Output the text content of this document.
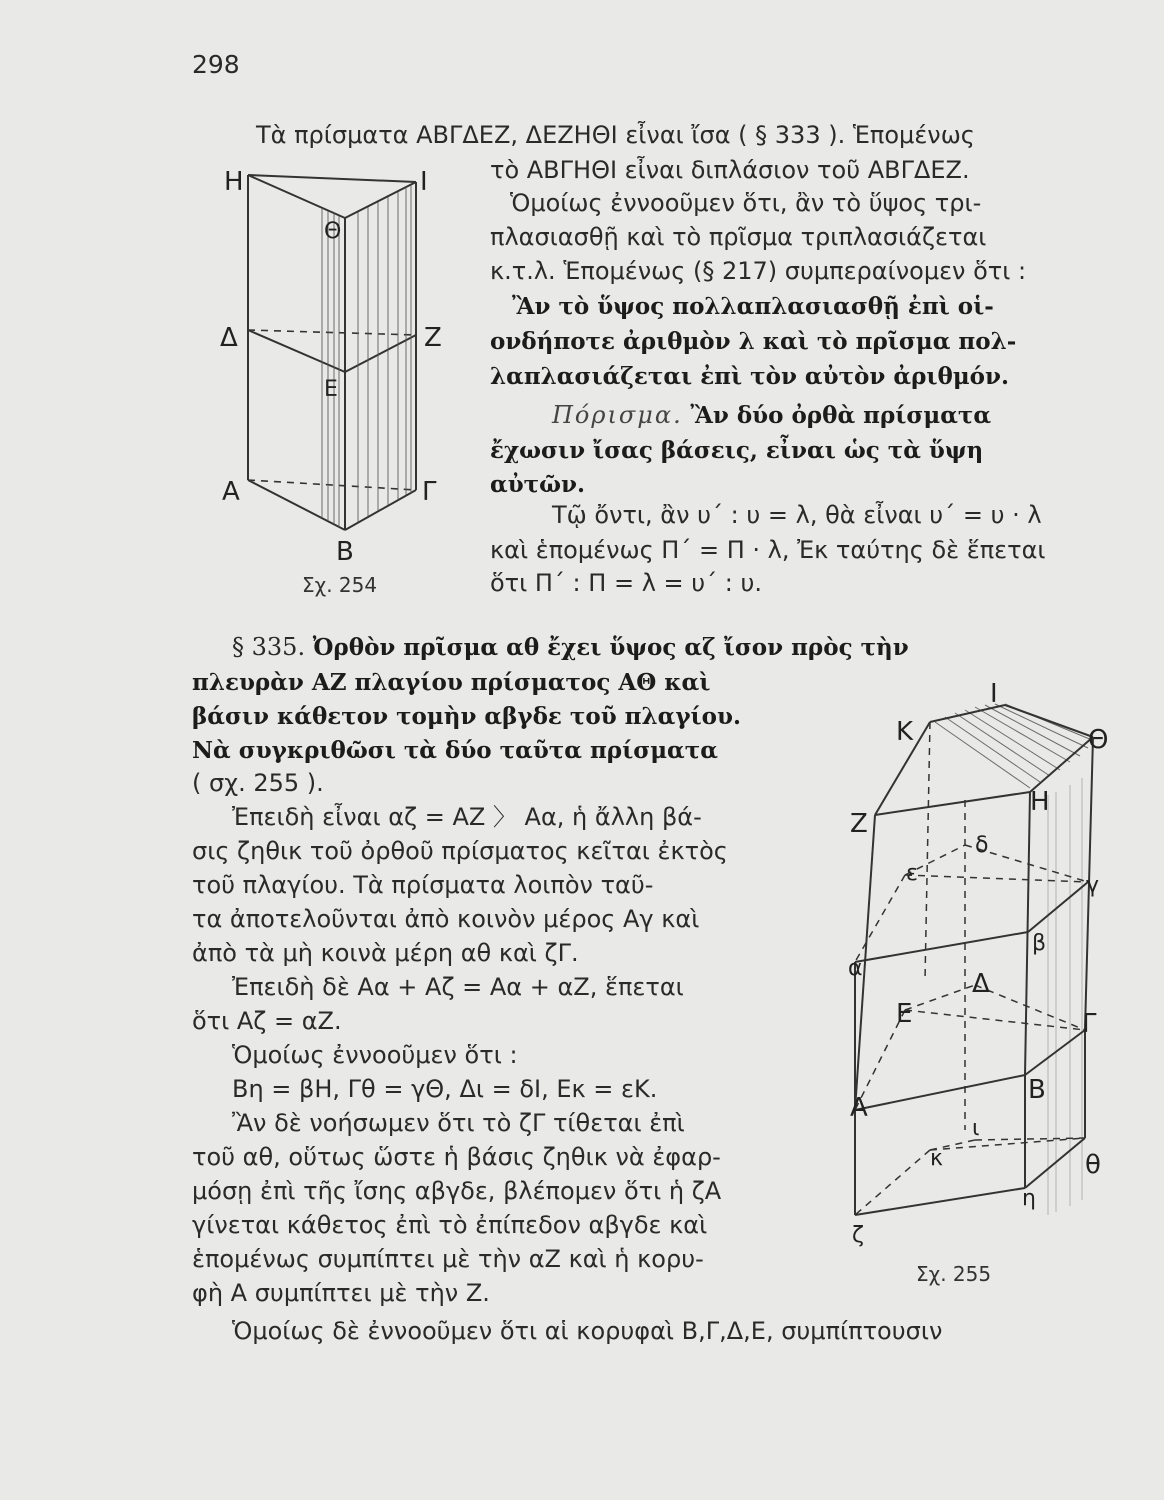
298
Τὰ πρίσματα ΑΒΓΔΕΖ, ΔΕΖΗΘΙ εἶναι ἴσα ( § 333 ). Ἑπομένως
τὸ ΑΒΓΗΘΙ εἶναι διπλάσιον τοῦ ΑΒΓΔΕΖ.
Ὁμοίως ἐννοοῦμεν ὅτι, ἂν τὸ ὕψος τρι-
πλασιασθῇ καὶ τὸ πρῖσμα τριπλασιάζεται
κ.τ.λ. Ἑπομένως (§ 217) συμπεραίνομεν ὅτι :
Ἂν τὸ ὕψος πολλαπλασιασθῇ ἐπὶ οἱ-
ονδήποτε ἀριθμὸν λ καὶ τὸ πρῖσμα πολ-
λαπλασιάζεται ἐπὶ τὸν αὐτὸν ἀριθμόν.
Πόρισμα. Ἂν δύο ὀρθὰ πρίσματα
ἔχωσιν ἴσας βάσεις, εἶναι ὡς τὰ ὕψη
αὐτῶν.
Τῷ ὄντι, ἂν υ΄ : υ = λ, θὰ εἶναι υ΄ = υ · λ
καὶ ἑπομένως Π΄ = Π · λ, Ἐκ ταύτης δὲ ἕπεται
ὅτι Π΄ : Π = λ = υ΄ : υ.
Η	Ι
Θ
Δ	Ζ
Ε
Α	Γ
Β
Σχ. 254
§ 335. Ὀρθὸν πρῖσμα αθ ἔχει ὕψος αζ ἴσον πρὸς τὴν
πλευρὰν ΑΖ πλαγίου πρίσματος ΑΘ καὶ
βάσιν κάθετον τομὴν αβγδε τοῦ πλαγίου.
Νὰ συγκριθῶσι τὰ δύο ταῦτα πρίσματα
( σχ. 255 ).
Ἐπειδὴ εἶναι αζ = ΑΖ 〉 Αα, ἡ ἄλλη βά-
σις ζηθικ τοῦ ὀρθοῦ πρίσματος κεῖται ἐκτὸς
τοῦ πλαγίου. Τὰ πρίσματα λοιπὸν ταῦ-
τα ἀποτελοῦνται ἀπὸ κοινὸν μέρος Αγ καὶ
ἀπὸ τὰ μὴ κοινὰ μέρη αθ καὶ ζΓ.
Ἐπειδὴ δὲ Αα + Αζ = Αα + αΖ, ἕπεται
ὅτι Αζ = αΖ.
Ὁμοίως ἐννοοῦμεν ὅτι :
Βη = βΗ, Γθ = γΘ, Δι = δΙ, Εκ = εΚ.
Ἂν δὲ νοήσωμεν ὅτι τὸ ζΓ τίθεται ἐπὶ
τοῦ αθ, οὕτως ὥστε ἡ βάσις ζηθικ νὰ ἐφαρ-
μόσῃ ἐπὶ τῆς ἴσης αβγδε, βλέπομεν ὅτι ἡ ζΑ
γίνεται κάθετος ἐπὶ τὸ ἐπίπεδον αβγδε καὶ
ἑπομένως συμπίπτει μὲ τὴν αΖ καὶ ἡ κορυ-
φὴ Α συμπίπτει μὲ τὴν Ζ.
Ὁμοίως δὲ ἐννοοῦμεν ὅτι αἱ κορυφαὶ Β,Γ,Δ,Ε, συμπίπτουσιν
Ι
Κ	Θ
Ζ
Η
δ
ε	γ
β
α
Δ
Ε	Γ
Α
Β
ι
κ	θ
ζ
η
Σχ. 255
